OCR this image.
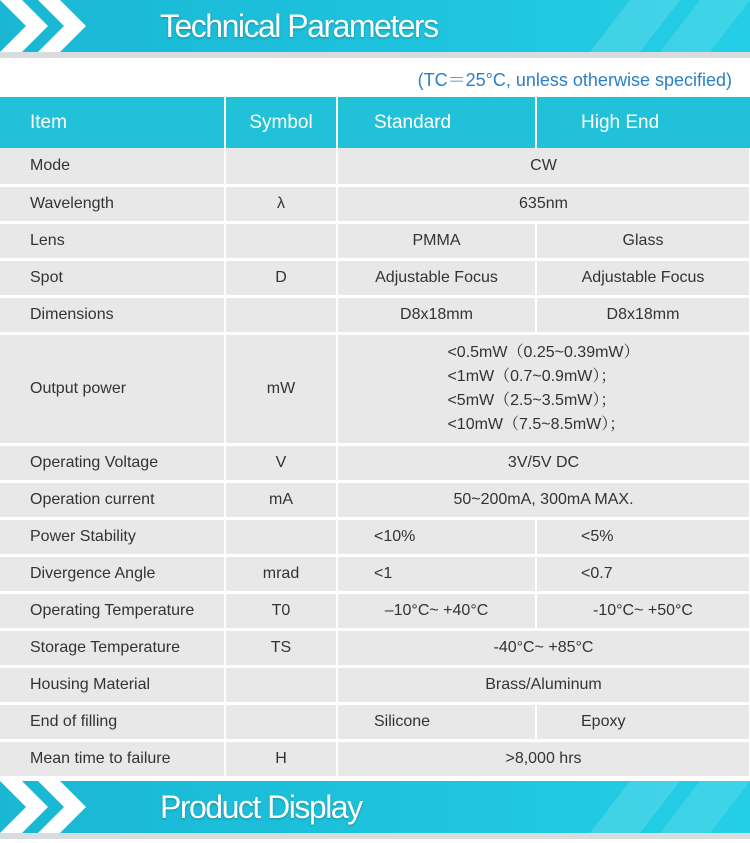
Technical Parameters
(TC＝25°C, unless otherwise specified)
Item	Symbol	Standard	High End
Mode		CW	
Wavelength	λ	635nm	
Lens		PMMA	Glass
Spot	D	Adjustable Focus	Adjustable Focus
Dimensions		D8x18mm	D8x18mm
Output power	mW	<0.5mW（0.25~0.39mW）
<1mW（0.7~0.9mW）；
<5mW（2.5~3.5mW）；
<10mW（7.5~8.5mW）；	

Operating Voltage	V	3V/5V DC	
Operation current	mA	50~200mA, 300mA MAX.	
Power Stability		<10%	<5%
Divergence Angle	mrad	<1	<0.7
Operating Temperature	T0	–10°C~ +40°C	-10°C~ +50°C
Storage Temperature	TS	-40°C~ +85°C	
Housing Material		Brass/Aluminum	
End of filling		Silicone	Epoxy
Mean time to failure	H	>8,000 hrs	
Product Display
